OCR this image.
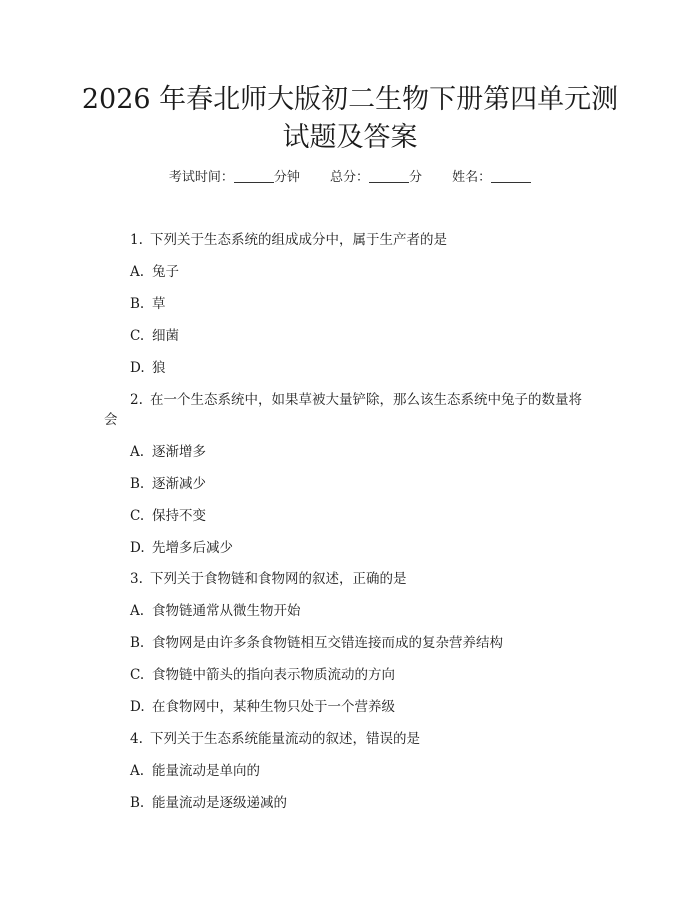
2026 年春北师大版初二生物下册第四单元测
试题及答案
考试时间：	分钟 总分：	分 姓名：
1. 下列关于生态系统的组成成分中，属于生产者的是
A. 兔子
B. 草
C. 细菌
D. 狼
2. 在一个生态系统中，如果草被大量铲除，那么该生态系统中兔子的数量将
会
A. 逐渐增多
B. 逐渐减少
C. 保持不变
D. 先增多后减少
3. 下列关于食物链和食物网的叙述，正确的是
A. 食物链通常从微生物开始
B. 食物网是由许多条食物链相互交错连接而成的复杂营养结构
C. 食物链中箭头的指向表示物质流动的方向
D. 在食物网中，某种生物只处于一个营养级
4. 下列关于生态系统能量流动的叙述，错误的是
A. 能量流动是单向的
B. 能量流动是逐级递减的
